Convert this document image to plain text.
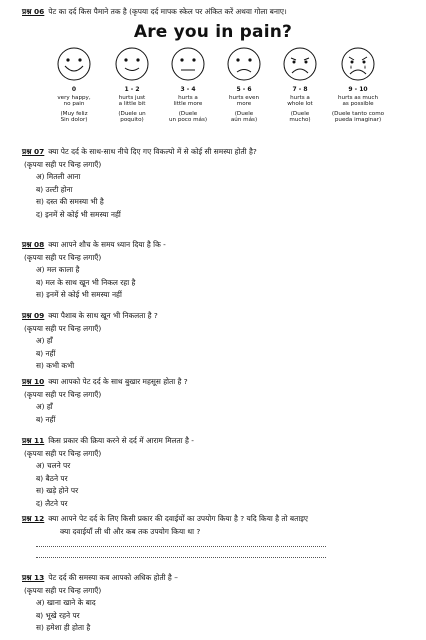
प्रश्न 06 पेट का दर्द किस पैमाने तक है (कृपया दर्द मापक स्केल पर अंकित करें अथवा गोला बनाए।
Are you in pain?
0
very happy,
no pain
(Muy feliz
Sin dolor)
1 - 2
hurts just
a little bit
(Duele un
poquito)
3 - 4
hurts a
little more
(Duele
un poco más)
5 - 6
hurts even
more
(Duele
aún más)
7 - 8
hurts a
whole lot
(Duele
mucho)
9 - 10
hurts as much
as possible
(Duele tanto como
pueda imaginar)
प्रश्न 07 क्या पेट दर्द के साथ-साथ नीचे दिए गए विकल्पो में से कोई सी समस्या होती है?
(कृपया सही पर चिन्ह लगाएँ)
अ) मितली आना
ब) उल्टी होना
स) दस्त की समस्या भी है
द) इनमें से कोई भी समस्या नहीं
प्रश्न 08 क्या आपने शौच के समय ध्यान दिया है कि -
(कृपया सही पर चिन्ह लगाएँ)
अ) मल काला है
ब) मल के साथ खून भी निकल रहा है
स) इनमें से कोई भी समस्या नहीं
प्रश्न 09 क्या पैशाब के साथ खून भी निकलता है ?
(कृपया सही पर चिन्ह लगाएँ)
अ) हाँ
ब) नहीं
स) कभी कभी
प्रश्न 10 क्या आपको पेट दर्द के साथ बुखार महसूस होता है ?
(कृपया सही पर चिन्ह लगाएँ)
अ) हाँ
ब) नहीं
प्रश्न 11 किस प्रकार की क्रिया करने से दर्द में आराम मिलता है -
(कृपया सही पर चिन्ह लगाएँ)
अ) चलने पर
ब) बैठने पर
स) खड़े होने पर
द) लैटने पर
प्रश्न 12 क्या आपने पेट दर्द के लिए किसी प्रकार की दवाईयों का उपयोग किया है ? यदि किया है तो बताइए
क्या दवाईयाँ ली थी और कब तक उपयोग किया था ?
प्रश्न 13 पेट दर्द की समस्या कब आपको अधिक होती है –
(कृपया सही पर चिन्ह लगाएँ)
अ) खाना खाने के बाद
ब) भूखे रहने पर
स) हमेशा ही होता है
